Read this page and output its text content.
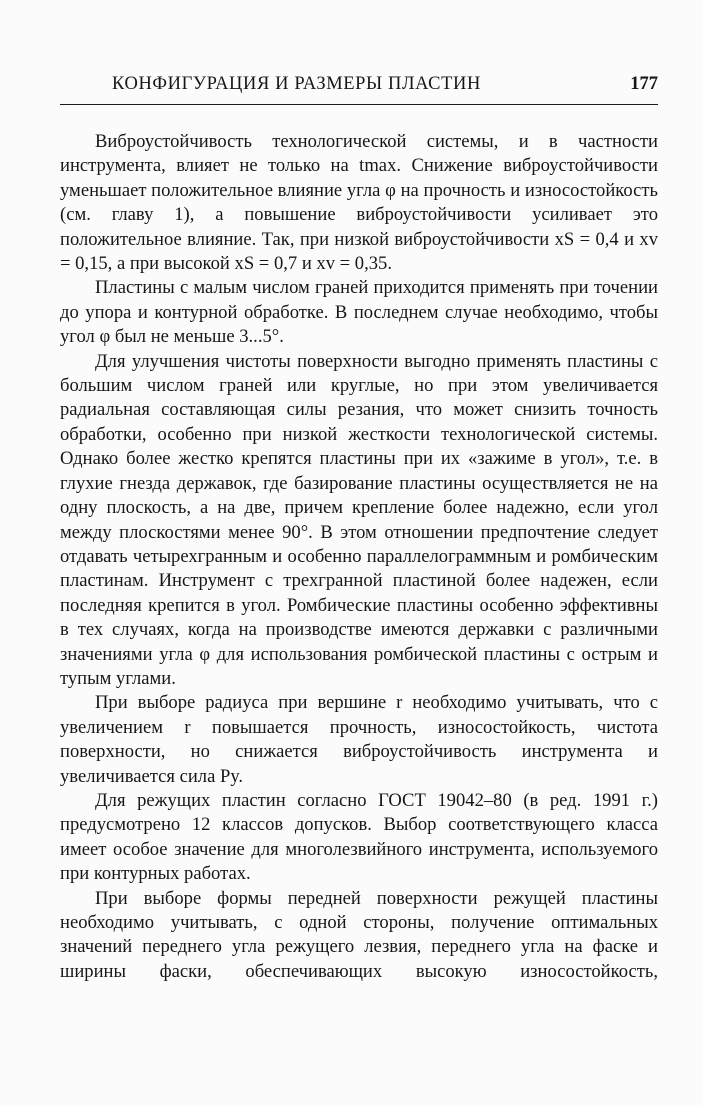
КОНФИГУРАЦИЯ И РАЗМЕРЫ ПЛАСТИН	177

Виброустойчивость технологической системы, и в частности инструмента, влияет не только на tmax. Снижение виброустойчивости уменьшает положительное влияние угла φ на прочность и износостойкость (см. главу 1), а повышение виброустойчивости усиливает это положительное влияние. Так, при низкой виброустойчивости xS = 0,4 и xv = 0,15, а при высокой xS = 0,7 и xv = 0,35.

Пластины с малым числом граней приходится применять при точении до упора и контурной обработке. В последнем случае необходимо, чтобы угол φ был не меньше 3...5°.

Для улучшения чистоты поверхности выгодно применять пластины с большим числом граней или круглые, но при этом увеличивается радиальная составляющая силы резания, что может снизить точность обработки, особенно при низкой жесткости технологической системы. Однако более жестко крепятся пластины при их «зажиме в угол», т.е. в глухие гнезда державок, где базирование пластины осуществляется не на одну плоскость, а на две, причем крепление более надежно, если угол между плоскостями менее 90°. В этом отношении предпочтение следует отдавать четырехгранным и особенно параллелограммным и ромбическим пластинам. Инструмент с трехгранной пластиной более надежен, если последняя крепится в угол. Ромбические пластины особенно эффективны в тех случаях, когда на производстве имеются державки с различными значениями угла φ для использования ромбической пластины с острым и тупым углами.

При выборе радиуса при вершине r необходимо учитывать, что с увеличением r повышается прочность, износостойкость, чистота поверхности, но снижается виброустойчивость инструмента и увеличивается сила Py.

Для режущих пластин согласно ГОСТ 19042–80 (в ред. 1991 г.) предусмотрено 12 классов допусков. Выбор соответствующего класса имеет особое значение для многолезвийного инструмента, используемого при контурных работах.

При выборе формы передней поверхности режущей пластины необходимо учитывать, с одной стороны, получение оптимальных значений переднего угла режущего лезвия, переднего угла на фаске и ширины фаски, обеспечивающих высокую износостойкость,
